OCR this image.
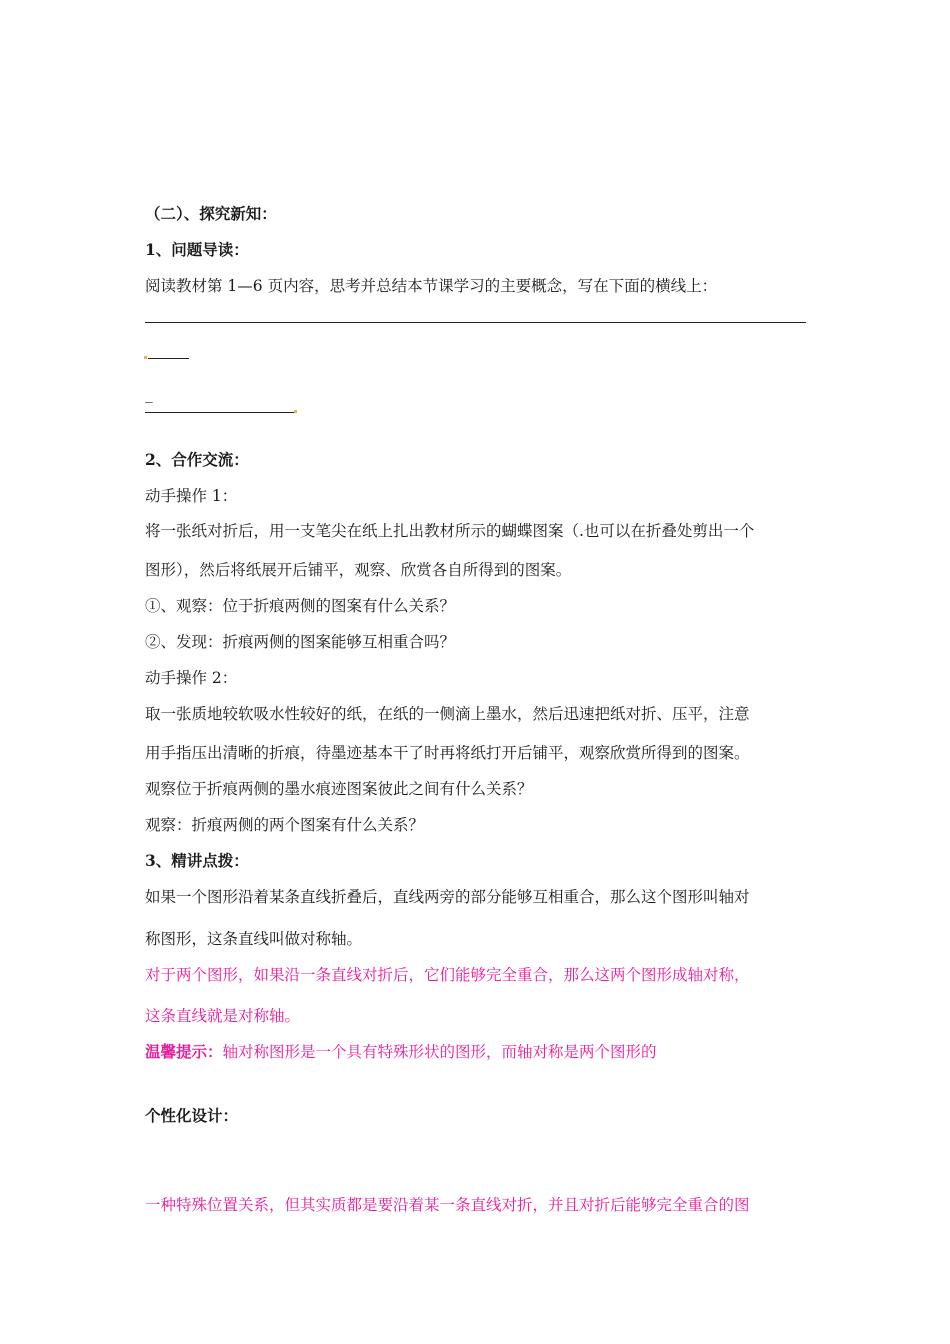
（二）、探究新知：
1、问题导读：
阅读教材第 1—6 页内容，思考并总结本节课学习的主要概念，写在下面的横线上：
_
2、合作交流：
动手操作 1：
将一张纸对折后，用一支笔尖在纸上扎出教材所示的蝴蝶图案（.也可以在折叠处剪出一个
图形），然后将纸展开后铺平，观察、欣赏各自所得到的图案。
①、观察：位于折痕两侧的图案有什么关系？
②、发现：折痕两侧的图案能够互相重合吗？
动手操作 2：
取一张质地较软吸水性较好的纸，在纸的一侧滴上墨水，然后迅速把纸对折、压平，注意
用手指压出清晰的折痕，待墨迹基本干了时再将纸打开后铺平，观察欣赏所得到的图案。
观察位于折痕两侧的墨水痕迹图案彼此之间有什么关系？
观察：折痕两侧的两个图案有什么关系？
3、精讲点拨：
如果一个图形沿着某条直线折叠后，直线两旁的部分能够互相重合，那么这个图形叫轴对
称图形，这条直线叫做对称轴。
对于两个图形，如果沿一条直线对折后，它们能够完全重合，那么这两个图形成轴对称，
这条直线就是对称轴。
温馨提示：轴对称图形是一个具有特殊形状的图形，而轴对称是两个图形的
个性化设计：
一种特殊位置关系，但其实质都是要沿着某一条直线对折，并且对折后能够完全重合的图
